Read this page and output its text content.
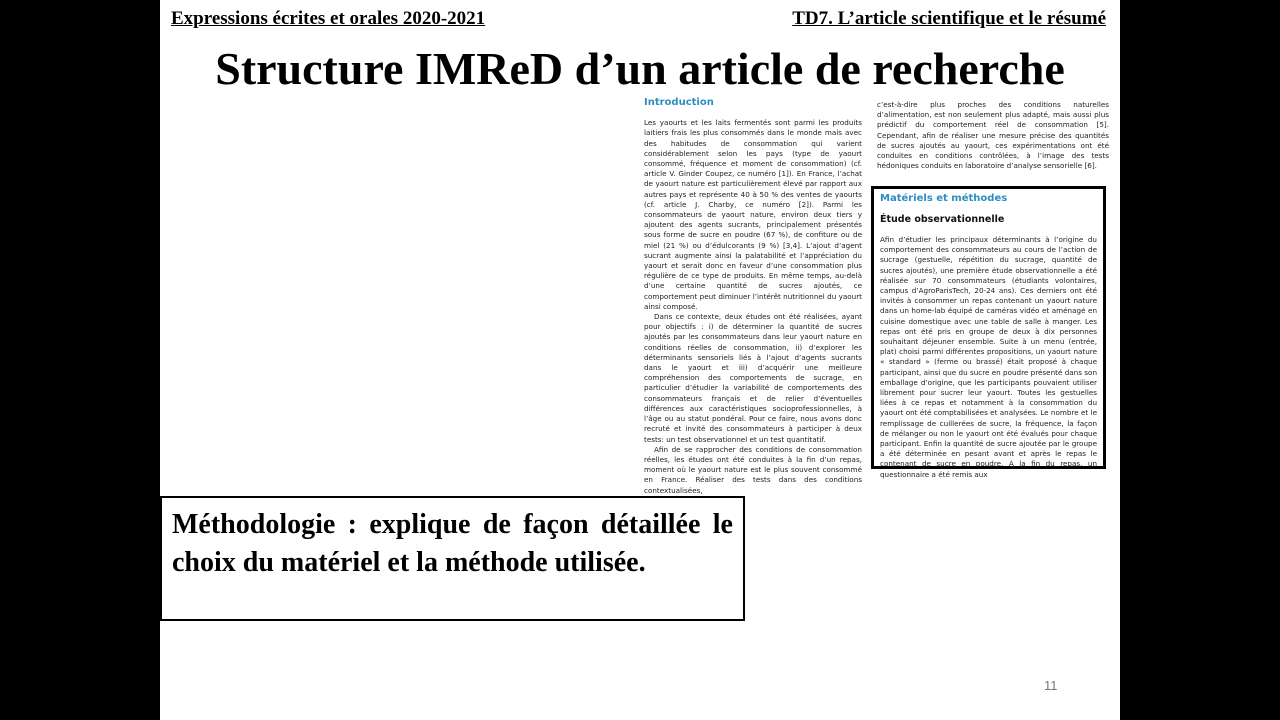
Expressions écrites et orales 2020-2021	TD7. L’article scientifique et le résumé
Structure IMReD d’un article de recherche
Introduction

Les yaourts et les laits fermentés sont parmi les produits laitiers frais les plus consommés dans le monde mais avec des habitudes de consommation qui varient considérablement selon les pays (type de yaourt consommé, fréquence et moment de consommation) (cf. article V. Ginder Coupez, ce numéro [1]). En France, l’achat de yaourt nature est particulièrement élevé par rapport aux autres pays et représente 40 à 50 % des ventes de yaourts (cf. article J. Charby, ce numéro [2]). Parmi les consommateurs de yaourt nature, environ deux tiers y ajoutent des agents sucrants, principalement présentés sous forme de sucre en poudre (67 %), de confiture ou de miel (21 %) ou d’édulcorants (9 %) [3,4]. L’ajout d’agent sucrant augmente ainsi la palatabilité et l’appréciation du yaourt et serait donc en faveur d’une consommation plus régulière de ce type de produits. En même temps, au-delà d’une certaine quantité de sucres ajoutés, ce comportement peut diminuer l’intérêt nutritionnel du yaourt ainsi composé.

Dans ce contexte, deux études ont été réalisées, ayant pour objectifs : i) de déterminer la quantité de sucres ajoutés par les consommateurs dans leur yaourt nature en conditions réelles de consommation, ii) d’explorer les déterminants sensoriels liés à l’ajout d’agents sucrants dans le yaourt et iii) d’acquérir une meilleure compréhension des comportements de sucrage, en particulier d’étudier la variabilité de comportements des consommateurs français et de relier d’éventuelles différences aux caractéristiques socioprofessionnelles, à l’âge ou au statut pondéral. Pour ce faire, nous avons donc recruté et invité des consommateurs à participer à deux tests: un test observationnel et un test quantitatif.

Afin de se rapprocher des conditions de consommation réelles, les études ont été conduites à la fin d’un repas, moment où le yaourt nature est le plus souvent consommé en France. Réaliser des tests dans des conditions contextualisées,

c’est-à-dire plus proches des conditions naturelles d’alimentation, est non seulement plus adapté, mais aussi plus prédictif du comportement réel de consommation [5]. Cependant, afin de réaliser une mesure précise des quantités de sucres ajoutés au yaourt, ces expérimentations ont été conduites en conditions contrôlées, à l’image des tests hédoniques conduits en laboratoire d’analyse sensorielle [6].

Matériels et méthodes
Étude observationnelle

Afin d’étudier les principaux déterminants à l’origine du comportement des consommateurs au cours de l’action de sucrage (gestuelle, répétition du sucrage, quantité de sucres ajoutés), une première étude observationnelle a été réalisée sur 70 consommateurs (étudiants volontaires, campus d’AgroParisTech, 20-24 ans). Ces derniers ont été invités à consommer un repas contenant un yaourt nature dans un home-lab équipé de caméras vidéo et aménagé en cuisine domestique avec une table de salle à manger. Les repas ont été pris en groupe de deux à dix personnes souhaitant déjeuner ensemble. Suite à un menu (entrée, plat) choisi parmi différentes propositions, un yaourt nature « standard » (ferme ou brassé) était proposé à chaque participant, ainsi que du sucre en poudre présenté dans son emballage d’origine, que les participants pouvaient utiliser librement pour sucrer leur yaourt. Toutes les gestuelles liées à ce repas et notamment à la consommation du yaourt ont été comptabilisées et analysées. Le nombre et le remplissage de cuillerées de sucre, la fréquence, la façon de mélanger ou non le yaourt ont été évalués pour chaque participant. Enfin la quantité de sucre ajoutée par le groupe a été déterminée en pesant avant et après le repas le contenant de sucre en poudre. À la fin du repas, un questionnaire a été remis aux

Méthodologie : explique de façon détaillée le choix du matériel et la méthode utilisée.

11
